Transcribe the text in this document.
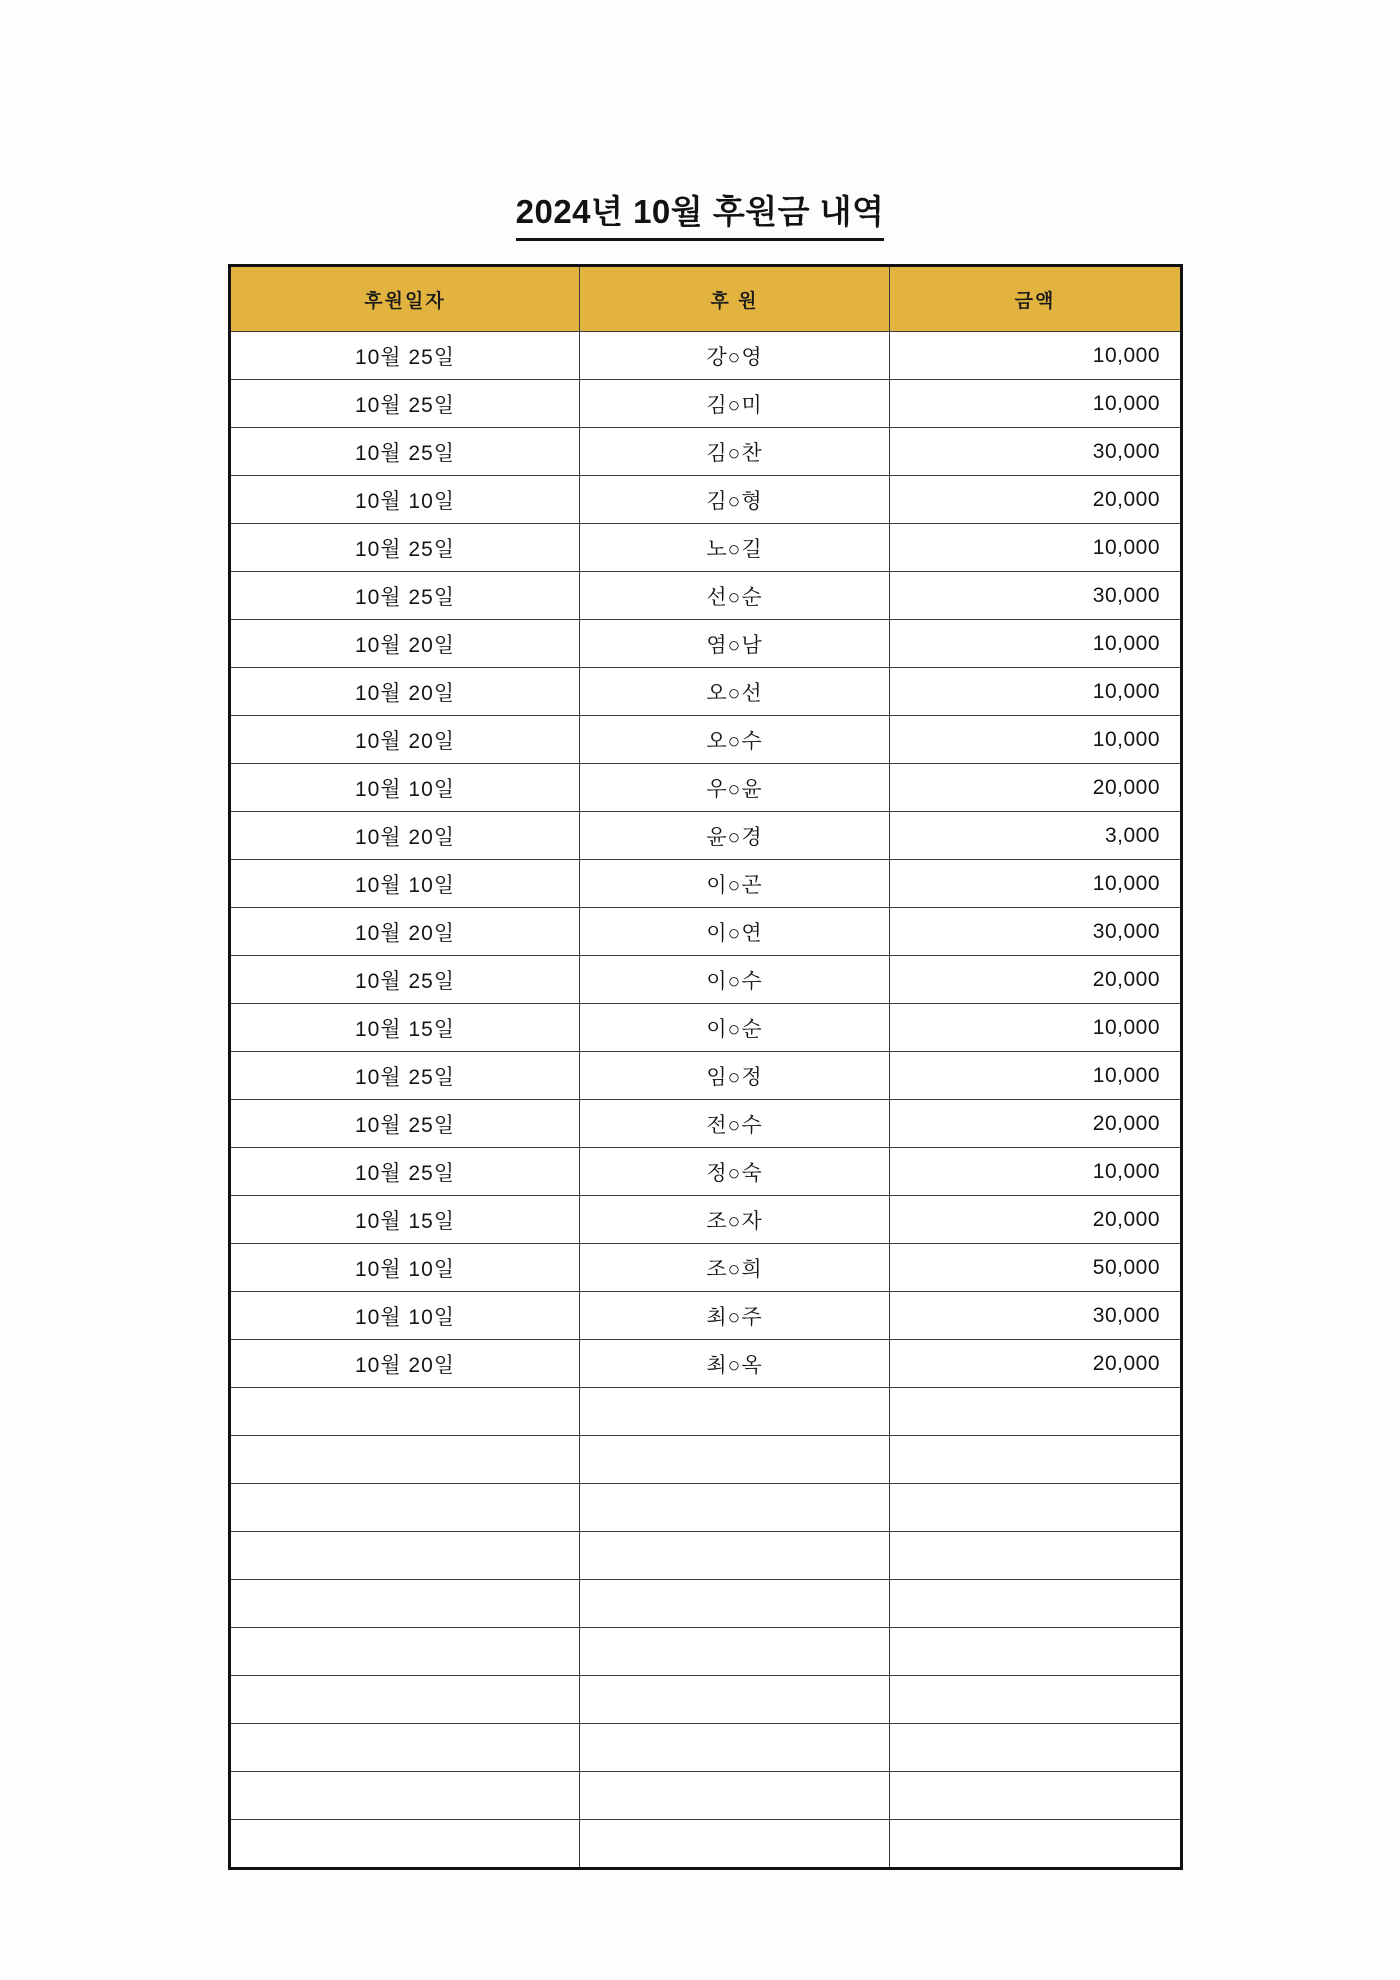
2024년 10월 후원금 내역
후원일자	후 원	금액
10월 25일	강○영	10,000
10월 25일	김○미	10,000
10월 25일	김○찬	30,000
10월 10일	김○형	20,000
10월 25일	노○길	10,000
10월 25일	선○순	30,000
10월 20일	염○남	10,000
10월 20일	오○선	10,000
10월 20일	오○수	10,000
10월 10일	우○윤	20,000
10월 20일	윤○경	3,000
10월 10일	이○곤	10,000
10월 20일	이○연	30,000
10월 25일	이○수	20,000
10월 15일	이○순	10,000
10월 25일	임○정	10,000
10월 25일	전○수	20,000
10월 25일	정○숙	10,000
10월 15일	조○자	20,000
10월 10일	조○희	50,000
10월 10일	최○주	30,000
10월 20일	최○옥	20,000
